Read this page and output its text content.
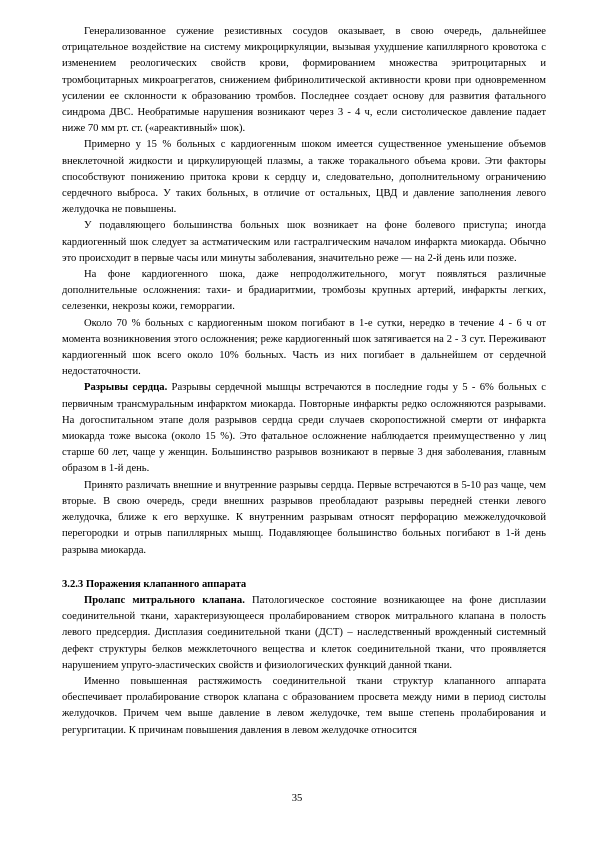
Генерализованное сужение резистивных сосудов оказывает, в свою очередь, дальнейшее отрицательное воздействие на систему микроциркуляции, вызывая ухудшение капиллярного кровотока с изменением реологических свойств крови, формированием множества эритроцитарных и тромбоцитарных микроагрегатов, снижением фибринолитической активности крови при одновременном усилении ее склонности к образованию тромбов. Последнее создает основу для развития фатального синдрома ДВС. Необратимые нарушения возникают через 3 - 4 ч, если систолическое давление падает ниже 70 мм рт. ст. («ареактивный» шок).

Примерно у 15 % больных с кардиогенным шоком имеется существенное уменьшение объемов внеклеточной жидкости и циркулирующей плазмы, а также торакального объема крови. Эти факторы способствуют понижению притока крови к сердцу и, следовательно, дополнительному ограничению сердечного выброса. У таких больных, в отличие от остальных, ЦВД и давление заполнения левого желудочка не повышены.

У подавляющего большинства больных шок возникает на фоне болевого приступа; иногда кардиогенный шок следует за астматическим или гастралгическим началом инфаркта миокарда. Обычно это происходит в первые часы или минуты заболевания, значительно реже — на 2-й день или позже.

На фоне кардиогенного шока, даже непродолжительного, могут появляться различные дополнительные осложнения: тахи- и брадиаритмии, тромбозы крупных артерий, инфаркты легких, селезенки, некрозы кожи, геморрагии.

Около 70 % больных с кардиогенным шоком погибают в 1-е сутки, нередко в течение 4 - 6 ч от момента возникновения этого осложнения; реже кардиогенный шок затягивается на 2 - 3 сут. Переживают кардиогенный шок всего около 10% больных. Часть из них погибает в дальнейшем от сердечной недостаточности.

Разрывы сердца. Разрывы сердечной мышцы встречаются в последние годы у 5 - 6% больных с первичным трансмуральным инфарктом миокарда. Повторные инфаркты редко осложняются разрывами. На догоспитальном этапе доля разрывов сердца среди случаев скоропостижной смерти от инфаркта миокарда тоже высока (около 15 %). Это фатальное осложнение наблюдается преимущественно у лиц старше 60 лет, чаще у женщин. Большинство разрывов возникают в первые 3 дня заболевания, главным образом в 1-й день.

Принято различать внешние и внутренние разрывы сердца. Первые встречаются в 5-10 раз чаще, чем вторые. В свою очередь, среди внешних разрывов преобладают разрывы передней стенки левого желудочка, ближе к его верхушке. К внутренним разрывам относят перфорацию межжелудочковой перегородки и отрыв папиллярных мышц. Подавляющее большинство больных погибают в 1-й день разрыва миокарда.

3.2.3 Поражения клапанного аппарата

Пролапс митрального клапана. Патологическое состояние возникающее на фоне дисплазии соединительной ткани, характеризующееся пролабированием створок митрального клапана в полость левого предсердия. Дисплазия соединительной ткани (ДСТ) – наследственный врожденный системный дефект структуры белков межклеточного вещества и клеток соединительной ткани, что проявляется нарушением упруго-эластических свойств и физиологических функций данной ткани.

Именно повышенная растяжимость соединительной ткани структур клапанного аппарата обеспечивает пролабирование створок клапана с образованием просвета между ними в период систолы желудочков. Причем чем выше давление в левом желудочке, тем выше степень пролабирования и регургитации. К причинам повышения давления в левом желудочке относится

35
